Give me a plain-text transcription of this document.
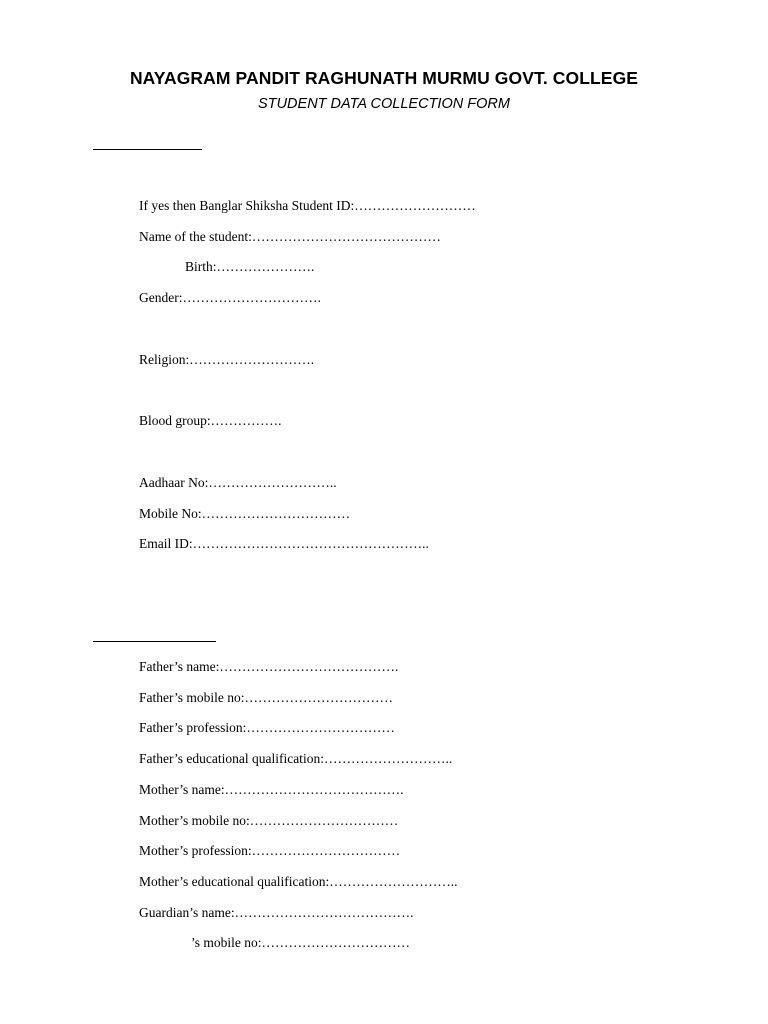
NAYAGRAM PANDIT RAGHUNATH MURMU GOVT. COLLEGE
STUDENT DATA COLLECTION FORM
If yes then Banglar Shiksha Student ID:………………………
Name of the student:……………………………………
Birth:………………….
Gender:………………………….
Religion:……………………….
Blood group:…………….
Aadhaar No:………………………..
Mobile No:……………………………
Email ID:……………………………………………..
Father’s name:………………………………….
Father’s mobile no:……………………………
Father’s profession:……………………………
Father’s educational qualification:………………………..
Mother’s name:………………………………….
Mother’s mobile no:……………………………
Mother’s profession:……………………………
Mother’s educational qualification:………………………..
Guardian’s name:………………………………….
’s mobile no:……………………………
